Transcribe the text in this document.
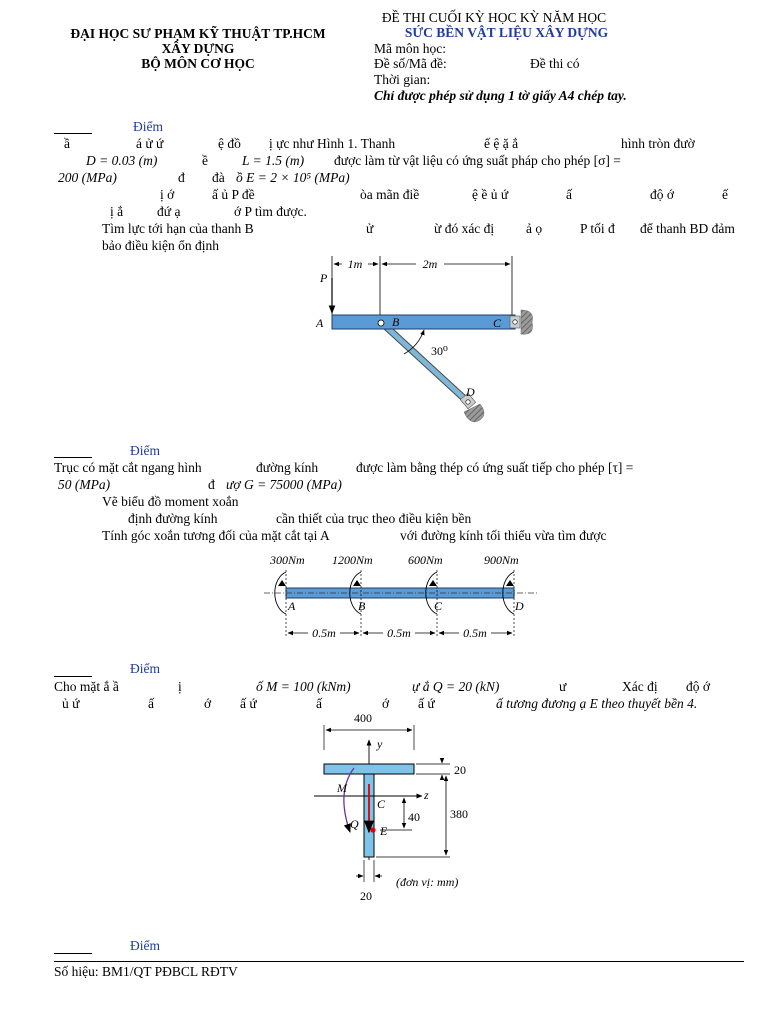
ĐẠI HỌC SƯ PHẠM KỸ THUẬT TP.HCM
XÂY DỰNG
BỘ MÔN CƠ HỌC
ĐỀ THI CUỐI KỲ HỌC KỲ NĂM HỌC
SỨC BỀN VẬT LIỆU XÂY DỰNG
Mã môn học:
Đề số/Mã đề:	Đề thi có
Thời gian:
Chỉ được phép sử dụng 1 tờ giấy A4 chép tay.
Điểm
ầ	á ử ứ	ệ đồ ị ực như Hình 1. Thanh	ế ệ ặ ắ	hình tròn đườ
D = 0.03 (m)	ề	L = 1.5 (m) được làm từ vật liệu có ứng suất pháp cho phép [σ] =
200 (MPa)	đ đà ồ E = 2 × 10⁵ (MPa)
ị ớ	ấ ủ P đề	òa mãn điề	ệ ề ủ ứ	ấ	độ ớ	ế
ị ắ	đứ ạ	ớ P tìm được.
Tìm lực tới hạn của thanh B	ử	ừ đó xác đị ả ọ	P tối đ để thanh BD đảm
bảo điều kiện ổn định
1m	2m
P
30⁰
A	B	C
D
Điểm
Trục có mặt cắt ngang hình	đường kính	được làm bằng thép có ứng suất tiếp cho phép [τ] =
50 (MPa)	đ ượ G = 75000 (MPa)
Vẽ biểu đồ moment xoắn
định đường kính	cần thiết của trục theo điều kiện bền
Tính góc xoắn tương đối của mặt cắt tại A	với đường kính tối thiểu vừa tìm được
300Nm 1200Nm	600Nm	900Nm
A	B	C	D
0.5m	0.5m	0.5m
Điểm
Cho mặt ắ ầ	ị	ố M = 100 (kNm)	ự ắ Q = 20 (kN)	ư	Xác đị độ ớ
ủ ứ	ấ	ớ ấ ứ	ấ	ớ ấ ứ	ấ tương đương ạ E theo thuyết bền 4.
400
y
z
M
Q
C
E
20
40	380
20
(đơn vị: mm)
Điểm
Số hiệu: BM1/QT PĐBCL RĐTV
